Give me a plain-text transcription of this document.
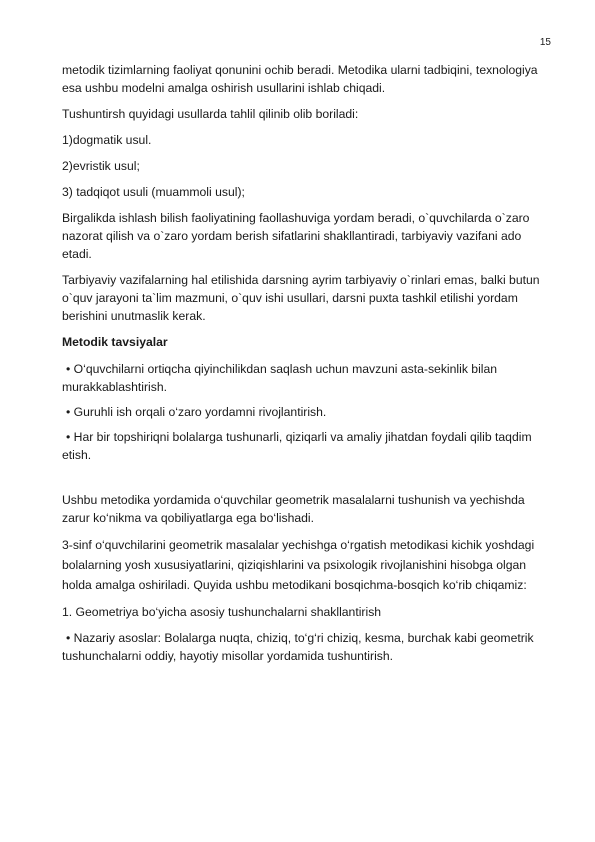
15

metodik tizimlarning faoliyat qonunini ochib beradi. Metodika ularni tadbiqini, texnologiya esa ushbu modelni amalga oshirish usullarini ishlab chiqadi.

Tushuntirsh quyidagi usullarda tahlil qilinib olib boriladi:

1)dogmatik usul.

2)evristik usul;

3) tadqiqot usuli (muammoli usul);

Birgalikda ishlash bilish faoliyatining faollashuviga yordam beradi, o`quvchilarda o`zaro nazorat qilish va o`zaro yordam berish sifatlarini shakllantiradi, tarbiyaviy vazifani ado etadi.

Tarbiyaviy vazifalarning hal etilishida darsning ayrim tarbiyaviy o`rinlari emas, balki butun o`quv jarayoni ta`lim mazmuni, o`quv ishi usullari, darsni puxta tashkil etilishi yordam berishini unutmaslik kerak.

Metodik tavsiyalar

• O‘quvchilarni ortiqcha qiyinchilikdan saqlash uchun mavzuni asta-sekinlik bilan murakkablashtirish.

• Guruhli ish orqali o‘zaro yordamni rivojlantirish.

• Har bir topshiriqni bolalarga tushunarli, qiziqarli va amaliy jihatdan foydali qilib taqdim etish.

Ushbu metodika yordamida o‘quvchilar geometrik masalalarni tushunish va yechishda zarur ko‘nikma va qobiliyatlarga ega bo‘lishadi.

3-sinf o‘quvchilarini geometrik masalalar yechishga o‘rgatish metodikasi kichik yoshdagi bolalarning yosh xususiyatlarini, qiziqishlarini va psixologik rivojlanishini hisobga olgan holda amalga oshiriladi. Quyida ushbu metodikani bosqichma-bosqich ko‘rib chiqamiz:

1. Geometriya bo‘yicha asosiy tushunchalarni shakllantirish

• Nazariy asoslar: Bolalarga nuqta, chiziq, to‘g‘ri chiziq, kesma, burchak kabi geometrik tushunchalarni oddiy, hayotiy misollar yordamida tushuntirish.
